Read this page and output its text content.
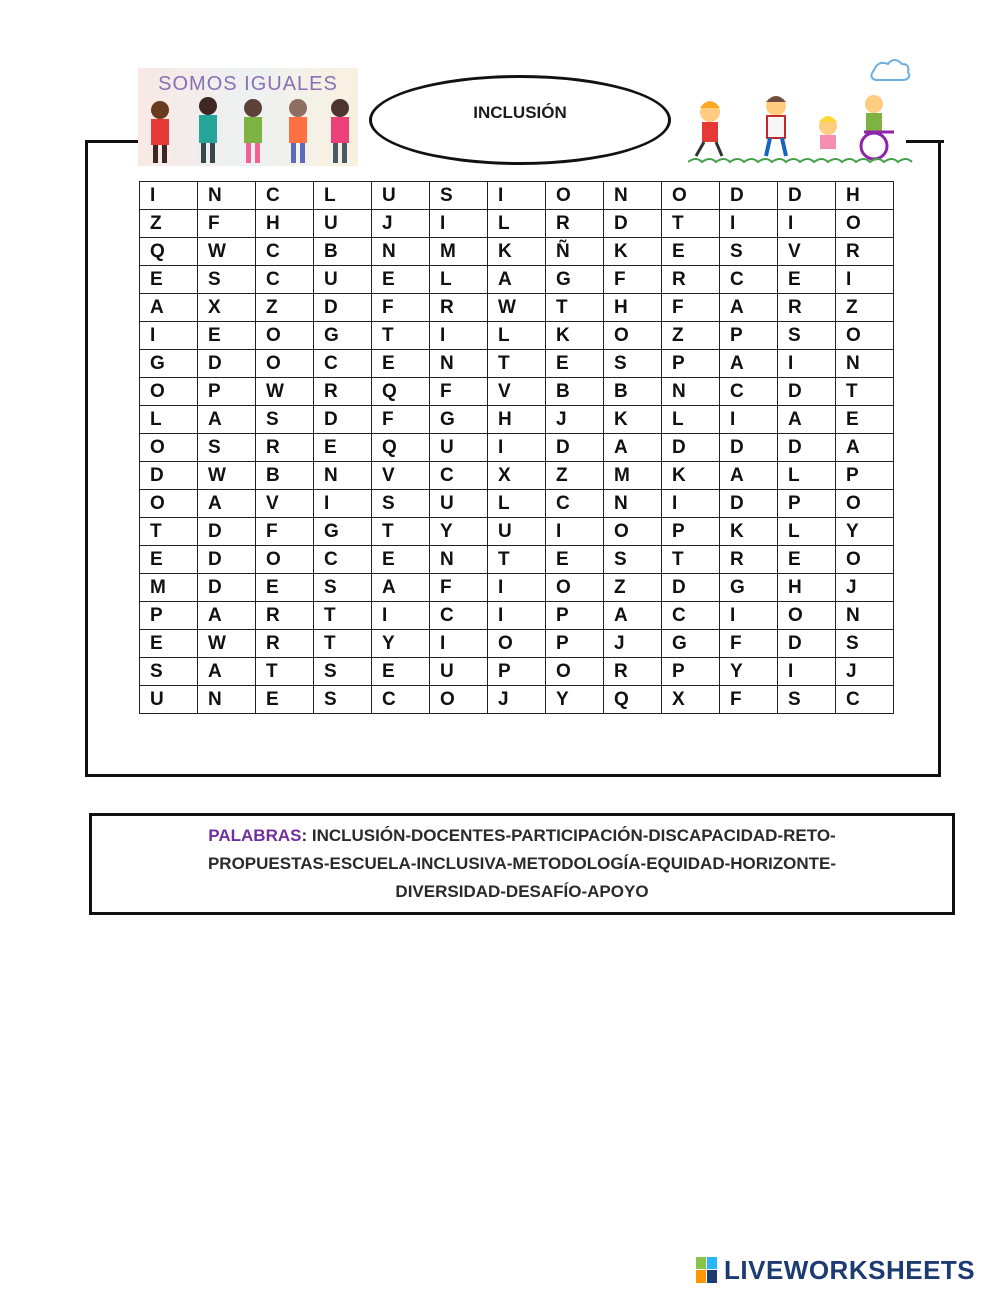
SOMOS IGUALES
INCLUSIÓN
I	N	C	L	U	S	I	O	N	O	D	D	H
Z	F	H	U	J	I	L	R	D	T	I	I	O
Q	W	C	B	N	M	K	Ñ	K	E	S	V	R
E	S	C	U	E	L	A	G	F	R	C	E	I
A	X	Z	D	F	R	W	T	H	F	A	R	Z
I	E	O	G	T	I	L	K	O	Z	P	S	O
G	D	O	C	E	N	T	E	S	P	A	I	N
O	P	W	R	Q	F	V	B	B	N	C	D	T
L	A	S	D	F	G	H	J	K	L	I	A	E
O	S	R	E	Q	U	I	D	A	D	D	D	A
D	W	B	N	V	C	X	Z	M	K	A	L	P
O	A	V	I	S	U	L	C	N	I	D	P	O
T	D	F	G	T	Y	U	I	O	P	K	L	Y
E	D	O	C	E	N	T	E	S	T	R	E	O
M	D	E	S	A	F	I	O	Z	D	G	H	J
P	A	R	T	I	C	I	P	A	C	I	O	N
E	W	R	T	Y	I	O	P	J	G	F	D	S
S	A	T	S	E	U	P	O	R	P	Y	I	J
U	N	E	S	C	O	J	Y	Q	X	F	S	C
PALABRAS: INCLUSIÓN-DOCENTES-PARTICIPACIÓN-DISCAPACIDAD-RETO-
PROPUESTAS-ESCUELA-INCLUSIVA-METODOLOGÍA-EQUIDAD-HORIZONTE-
DIVERSIDAD-DESAFÍO-APOYO
LIVEWORKSHEETS
